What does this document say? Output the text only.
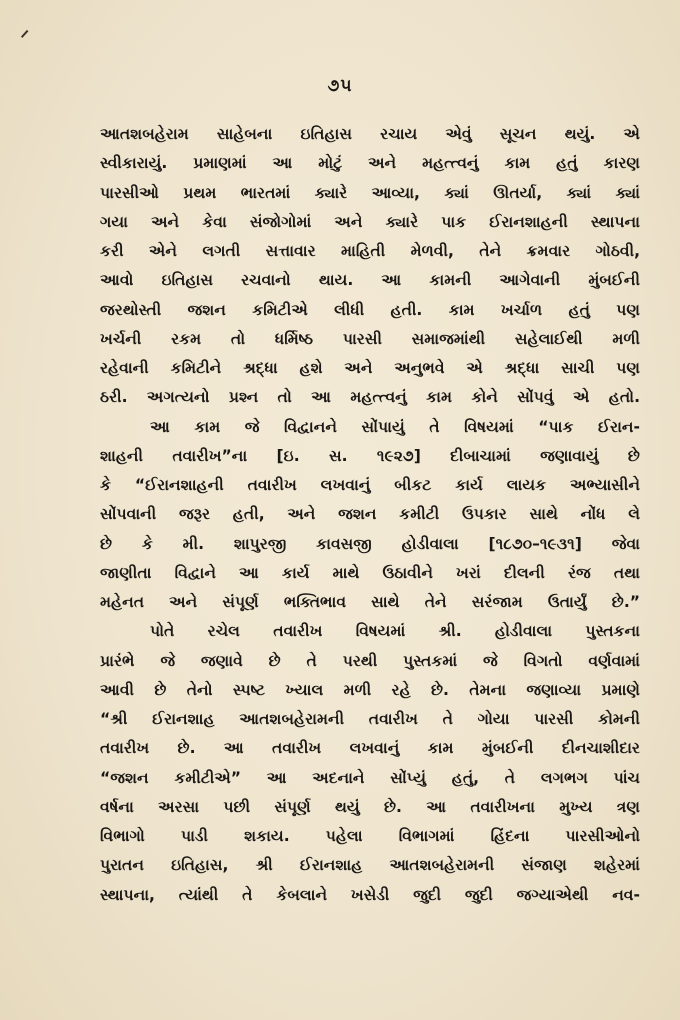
૭૫
આતશબહેરામ સાહેબના ઇતિહાસ રચાય એવું સૂચન થયું. એ
સ્વીકારાયું. પ્રમાણમાં આ મોટું અને મહત્ત્વનું કામ હતું કારણ
પારસીઓ પ્રથમ ભારતમાં ક્યારે આવ્યા, ક્યાં ઊતર્યા, ક્યાં ક્યાં
ગયા અને કેવા સંજોગોમાં અને ક્યારે પાક ઈરાનશાહની સ્થાપના
કરી એને લગતી સત્તાવાર માહિતી મેળવી, તેને ક્રમવાર ગોઠવી,
આવો ઇતિહાસ રચવાનો થાય. આ કામની આગેવાની મુંબઈની
જરથોસ્તી જશન કમિટીએ લીધી હતી. કામ ખર્ચાળ હતું પણ
ખર્ચની રકમ તો ધર્મિષ્ઠ પારસી સમાજમાંથી સહેલાઈથી મળી
રહેવાની કમિટીને શ્રદ્ધા હશે અને અનુભવે એ શ્રદ્ધા સાચી પણ
ઠરી. અગત્યનો પ્રશ્ન તો આ મહત્ત્વનું કામ કોને સોંપવું એ હતો.
આ કામ જે વિદ્વાનને સોંપાયું તે વિષયમાં “પાક ઈરાન-
શાહની તવારીખ”ના [ઇ. સ. ૧૯૨૭] દીબાચામાં જણાવાયું છે
કે “ઈરાનશાહની તવારીખ લખવાનું બીકટ કાર્ય લાયક અભ્યાસીને
સોંપવાની જરૂર હતી, અને જશન કમીટી ઉપકાર સાથે નોંધ લે
છે કે મી. શાપુરજી કાવસજી હોડીવાલા [૧૮૭૦–૧૯૩૧] જેવા
જાણીતા વિદ્વાને આ કાર્ય માથે ઉઠાવીને ખરાં દીલની રંજ તથા
મહેનત અને સંપૂર્ણ ભક્તિભાવ સાથે તેને સરંજામ ઉતાર્યું છે.”
પોતે રચેલ તવારીખ વિષયમાં શ્રી. હોડીવાલા પુસ્તકના
પ્રારંભે જે જણાવે છે તે પરથી પુસ્તકમાં જે વિગતો વર્ણવામાં
આવી છે તેનો સ્પષ્ટ ખ્યાલ મળી રહે છે. તેમના જણાવ્યા પ્રમાણે
“શ્રી ઈરાનશાહ આતશબહેરામની તવારીખ તે ગોયા પારસી કોમની
તવારીખ છે. આ તવારીખ લખવાનું કામ મુંબઈની દીનચાશીદાર
“જશન કમીટીએ” આ અદનાને સોંપ્યું હતું, તે લગભગ પાંચ
વર્ષના અરસા પછી સંપૂર્ણ થયું છે. આ તવારીખના મુખ્ય ત્રણ
વિભાગો પાડી શકાય. પહેલા વિભાગમાં હિંદના પારસીઓનો
પુરાતન ઇતિહાસ, શ્રી ઈરાનશાહ આતશબહેરામની સંજાણ શહેરમાં
સ્થાપના, ત્યાંથી તે કેબલાને ખસેડી જુદી જુદી જગ્યાએથી નવ-
